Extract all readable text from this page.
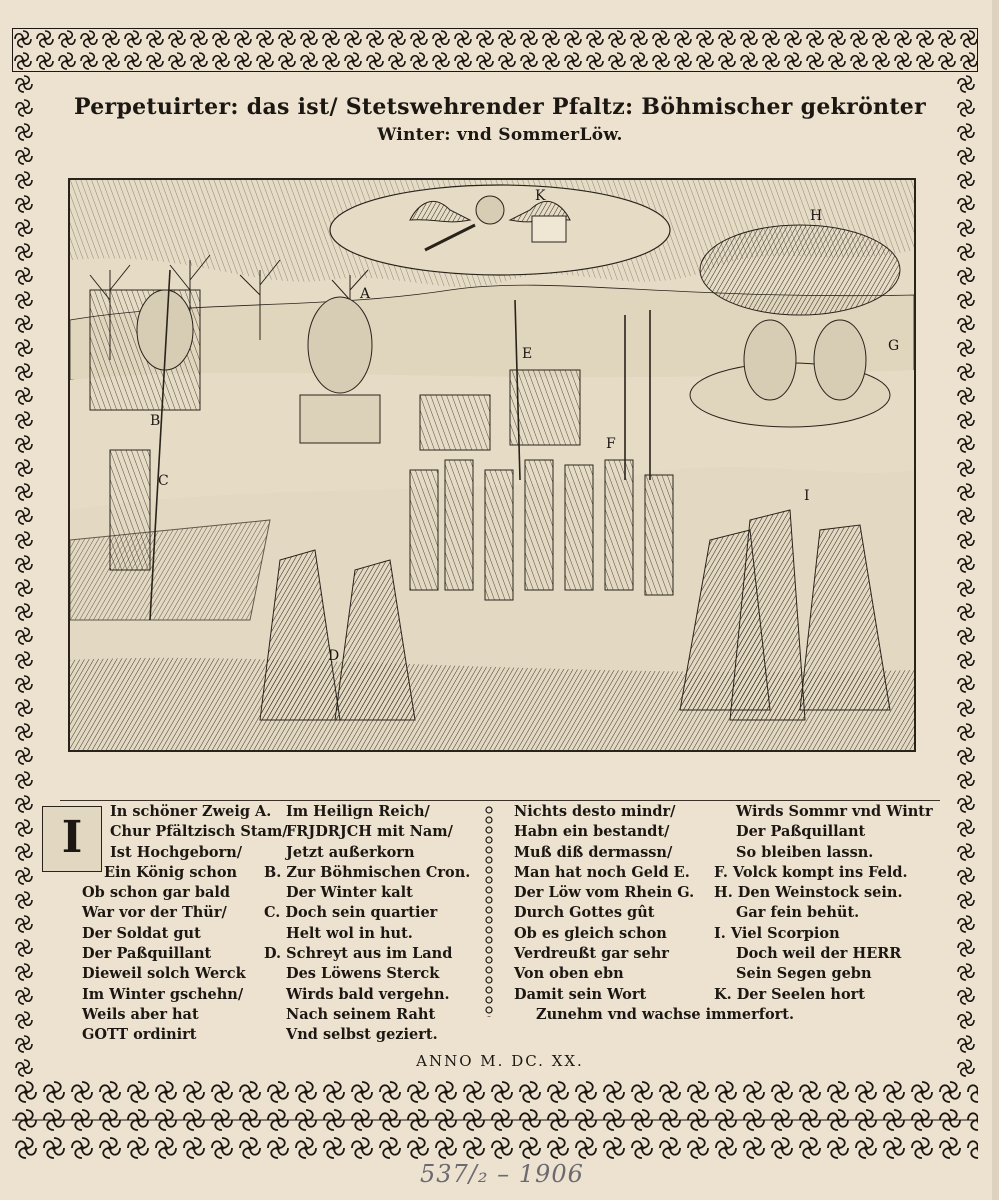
Perpetuirter: das ist/ Stetswehrender Pfaltz: Böhmischer gekrönter
Winter: vnd SommerLöw.
A
B
C
D
E
F
G
H
I
K
I
In schöner Zweig A.
Chur Pfältzisch Stam/
Ist Hochgeborn/
Ein König schon
Ob schon gar bald
War vor der Thür/
Der Soldat gut
Der Paßquillant
Dieweil solch Werck
Im Winter gschehn/
Weils aber hat
GOTT ordinirt
Im Heilign Reich/
FRJDRJCH mit Nam/
Jetzt außerkorn
B. Zur Böhmischen Cron.
Der Winter kalt
C. Doch sein quartier
Helt wol in hut.
D. Schreyt aus im Land
Des Löwens Sterck
Wirds bald vergehn.
Nach seinem Raht
Vnd selbst geziert.
Nichts desto mindr/
Habn ein bestandt/
Muß diß dermassn/
Man hat noch Geld E.
Der Löw vom Rhein G.
Durch Gottes gût
Ob es gleich schon
Verdreußt gar sehr
Von oben ebn
Damit sein Wort
Zunehm vnd wachse immerfort.
Wirds Sommr vnd Wintr
Der Paßquillant
So bleiben lassn.
F. Volck kompt ins Feld.
H. Den Weinstock sein.
Gar fein behüt.
I. Viel Scorpion
Doch weil der HERR
Sein Segen gebn
K. Der Seelen hort
ANNO M. DC. XX.
537/₂ – 1906
